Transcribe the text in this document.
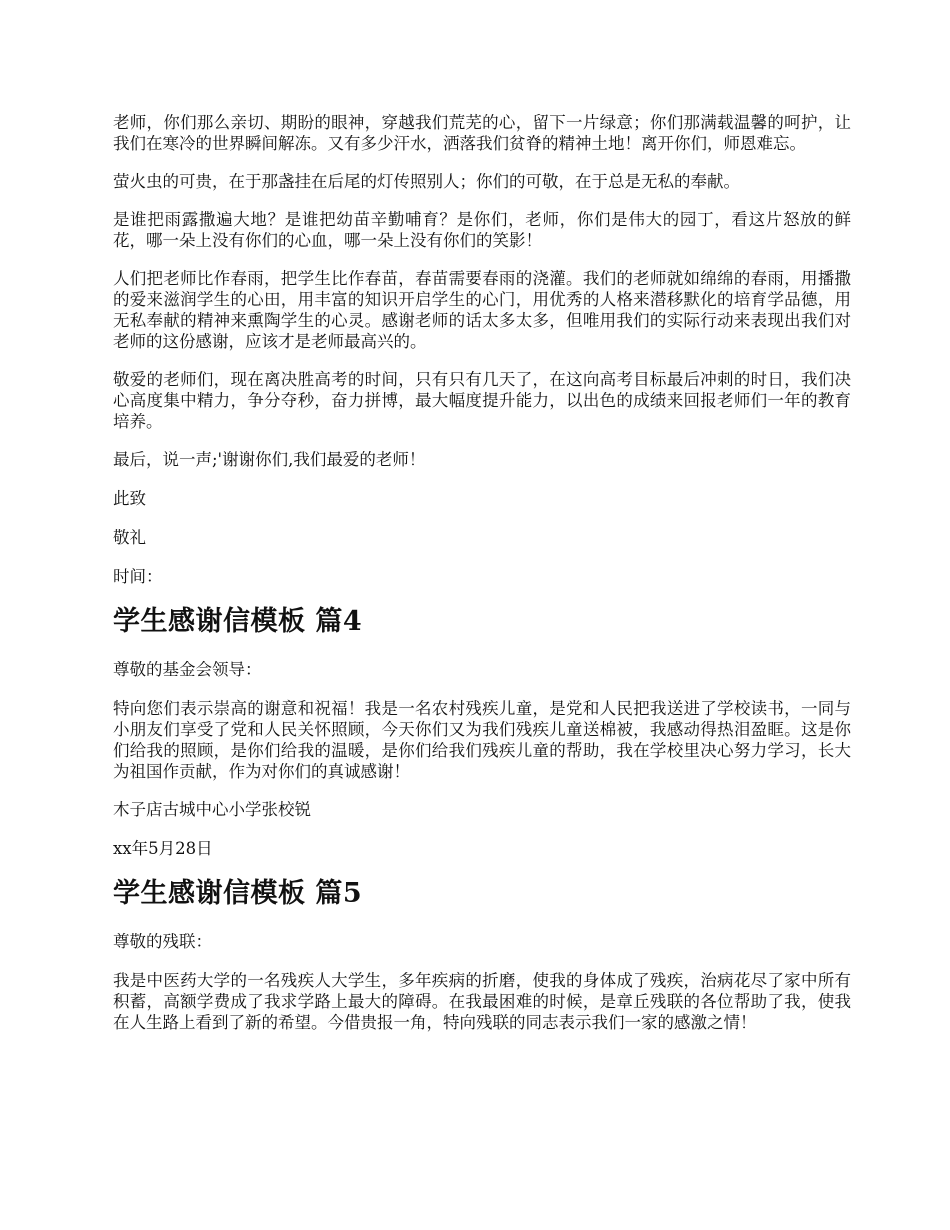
老师，你们那么亲切、期盼的眼神，穿越我们荒芜的心，留下一片绿意；你们那满载温馨的呵护，让我们在寒冷的世界瞬间解冻。又有多少汗水，洒落我们贫脊的精神土地！离开你们，师恩难忘。

萤火虫的可贵，在于那盏挂在后尾的灯传照别人；你们的可敬，在于总是无私的奉献。

是谁把雨露撒遍大地？是谁把幼苗辛勤哺育？是你们，老师，你们是伟大的园丁，看这片怒放的鲜花，哪一朵上没有你们的心血，哪一朵上没有你们的笑影！

人们把老师比作春雨，把学生比作春苗，春苗需要春雨的浇灌。我们的老师就如绵绵的春雨，用播撒的爱来滋润学生的心田，用丰富的知识开启学生的心门，用优秀的人格来潜移默化的培育学品德，用无私奉献的精神来熏陶学生的心灵。感谢老师的话太多太多，但唯用我们的实际行动来表现出我们对老师的这份感谢，应该才是老师最高兴的。

敬爱的老师们，现在离决胜高考的时间，只有只有几天了，在这向高考目标最后冲刺的时日，我们决心高度集中精力，争分夺秒，奋力拼博，最大幅度提升能力，以出色的成绩来回报老师们一年的教育培养。

最后，说一声;'谢谢你们,我们最爱的老师！

此致

敬礼

时间：

学生感谢信模板 篇4

尊敬的基金会领导：

特向您们表示崇高的谢意和祝福！我是一名农村残疾儿童，是党和人民把我送进了学校读书，一同与小朋友们享受了党和人民关怀照顾，今天你们又为我们残疾儿童送棉被，我感动得热泪盈眶。这是你们给我的照顾，是你们给我的温暖，是你们给我们残疾儿童的帮助，我在学校里决心努力学习，长大为祖国作贡献，作为对你们的真诚感谢！

木子店古城中心小学张校锐

xx年5月28日

学生感谢信模板 篇5

尊敬的残联：

我是中医药大学的一名残疾人大学生，多年疾病的折磨，使我的身体成了残疾，治病花尽了家中所有积蓄，高额学费成了我求学路上最大的障碍。在我最困难的时候，是章丘残联的各位帮助了我，使我在人生路上看到了新的希望。今借贵报一角，特向残联的同志表示我们一家的感激之情！
